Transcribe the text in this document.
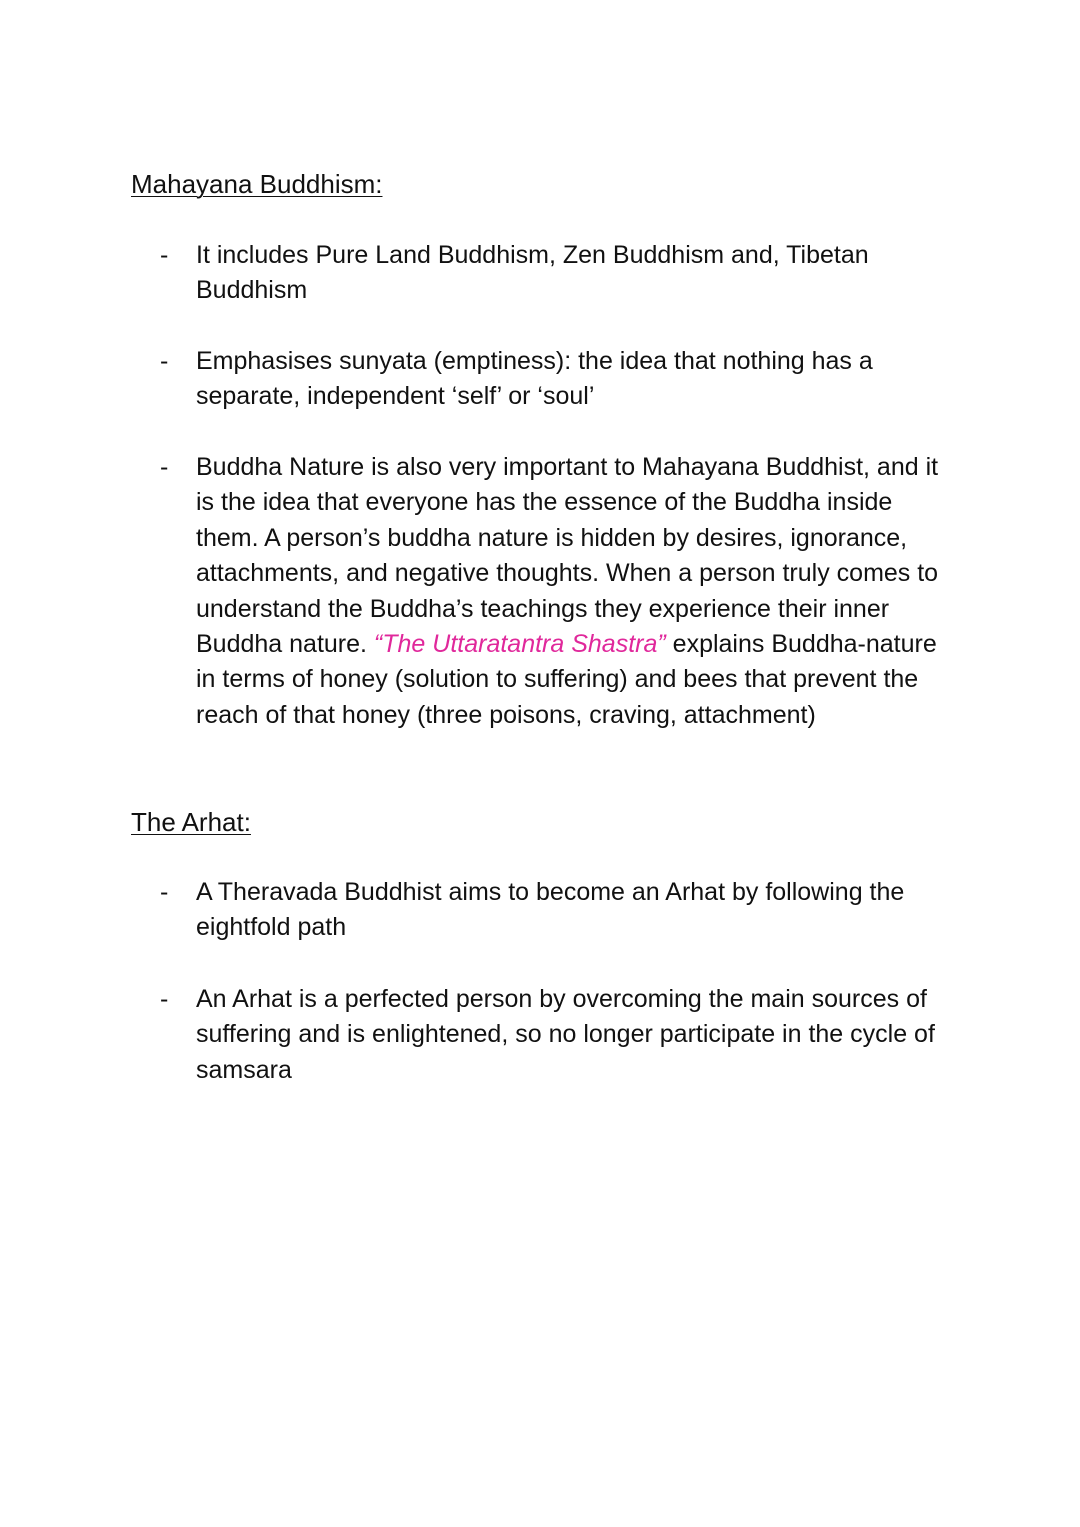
Mahayana Buddhism:
-	It includes Pure Land Buddhism, Zen Buddhism and, Tibetan Buddhism
-	Emphasises sunyata (emptiness): the idea that nothing has a separate, independent ‘self’ or ‘soul’
-	Buddha Nature is also very important to Mahayana Buddhist, and it is the idea that everyone has the essence of the Buddha inside them. A person’s buddha nature is hidden by desires, ignorance, attachments, and negative thoughts. When a person truly comes to understand the Buddha’s teachings they experience their inner Buddha nature. “The Uttaratantra Shastra” explains Buddha-nature in terms of honey (solution to suffering) and bees that prevent the reach of that honey (three poisons, craving, attachment)
The Arhat:
-	A Theravada Buddhist aims to become an Arhat by following the eightfold path
-	An Arhat is a perfected person by overcoming the main sources of suffering and is enlightened, so no longer participate in the cycle of samsara
